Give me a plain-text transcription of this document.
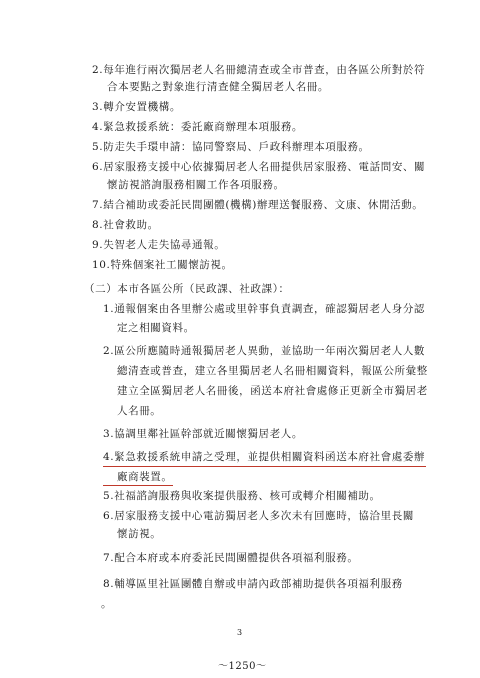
2.每年進行兩次獨居老人名冊總清查或全市普查，由各區公所對於符
合本要點之對象進行清查健全獨居老人名冊。
3.轉介安置機構。
4.緊急救援系統：委託廠商辦理本項服務。
5.防走失手環申請：協同警察局、戶政科辦理本項服務。
6.居家服務支援中心依據獨居老人名冊提供居家服務、電話問安、關
懷訪視諮詢服務相關工作各項服務。
7.結合補助或委託民間團體(機構)辦理送餐服務、文康、休閒活動。
8.社會救助。
9.失智老人走失協尋通報。
10.特殊個案社工關懷訪視。
（二）本市各區公所（民政課、社政課）：
1.通報個案由各里辦公處或里幹事負責調查，確認獨居老人身分認
定之相關資料。
2.區公所應隨時通報獨居老人異動，並協助一年兩次獨居老人人數
總清查或普查，建立各里獨居老人名冊相關資料，報區公所彙整
建立全區獨居老人名冊後，函送本府社會處修正更新全市獨居老
人名冊。
3.協調里鄰社區幹部就近關懷獨居老人。
4.緊急救援系統申請之受理，並提供相關資料函送本府社會處委辦
廠商裝置。
5.社福諮詢服務與收案提供服務、核可或轉介相關補助。
6.居家服務支援中心電訪獨居老人多次未有回應時，協洽里長關
懷訪視。
7.配合本府或本府委託民間團體提供各項福利服務。
8.輔導區里社區團體自辦或申請內政部補助提供各項福利服務
。
3
～1250～
